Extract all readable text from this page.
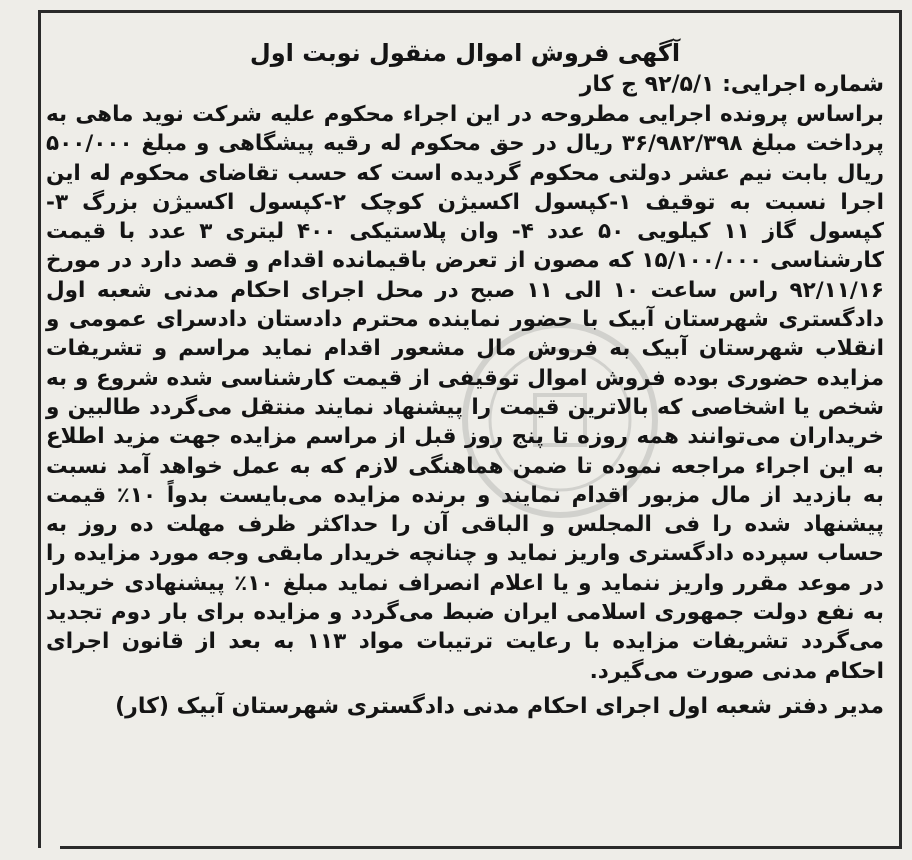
آگهی فروش اموال منقول نوبت اول
شماره اجرایی: ۹۲/۵/۱ ج کار

براساس پرونده اجرایی مطروحه در این اجراء محکوم علیه شرکت نوید ماهی به پرداخت مبلغ ۳۶/۹۸۲/۳۹۸ ریال در حق محکوم له رقیه پیشگاهی و مبلغ ۵۰۰/۰۰۰ ریال بابت نیم عشر دولتی محکوم گردیده است که حسب تقاضای محکوم له این اجرا نسبت به توقیف ۱-کپسول اکسیژن کوچک ۲-کپسول اکسیژن بزرگ ۳- کپسول گاز ۱۱ کیلویی ۵۰ عدد ۴- وان پلاستیکی ۴۰۰ لیتری ۳ عدد با قیمت کارشناسی ۱۵/۱۰۰/۰۰۰ که مصون از تعرض باقیمانده اقدام و قصد دارد در مورخ ۹۲/۱۱/۱۶ راس ساعت ۱۰ الی ۱۱ صبح در محل اجرای احکام مدنی شعبه اول دادگستری شهرستان آبیک با حضور نماینده محترم دادستان دادسرای عمومی و انقلاب شهرستان آبیک به فروش مال مشعور اقدام نماید مراسم و تشریفات مزایده حضوری بوده فروش اموال توقیفی از قیمت کارشناسی شده شروع و به شخص یا اشخاصی که بالاترین قیمت را پیشنهاد نمایند منتقل می‌گردد طالبین و خریداران می‌توانند همه روزه تا پنج روز قبل از مراسم مزایده جهت مزید اطلاع به این اجراء مراجعه نموده تا ضمن هماهنگی لازم که به عمل خواهد آمد نسبت به بازدید از مال مزبور اقدام نمایند و برنده مزایده می‌بایست بدواً ۱۰٪ قیمت پیشنهاد شده را فی المجلس و الباقی آن را حداکثر ظرف مهلت ده روز به حساب سپرده دادگستری واریز نماید و چنانچه خریدار مابقی وجه مورد مزایده را در موعد مقرر واریز ننماید و یا اعلام انصراف نماید مبلغ ۱۰٪ پیشنهادی خریدار به نفع دولت جمهوری اسلامی ایران ضبط می‌گردد و مزایده برای بار دوم تجدید می‌گردد تشریفات مزایده با رعایت ترتیبات مواد ۱۱۳ به بعد از قانون اجرای احکام مدنی صورت می‌گیرد.

مدیر دفتر شعبه اول اجرای احکام مدنی دادگستری شهرستان آبیک (کار)
